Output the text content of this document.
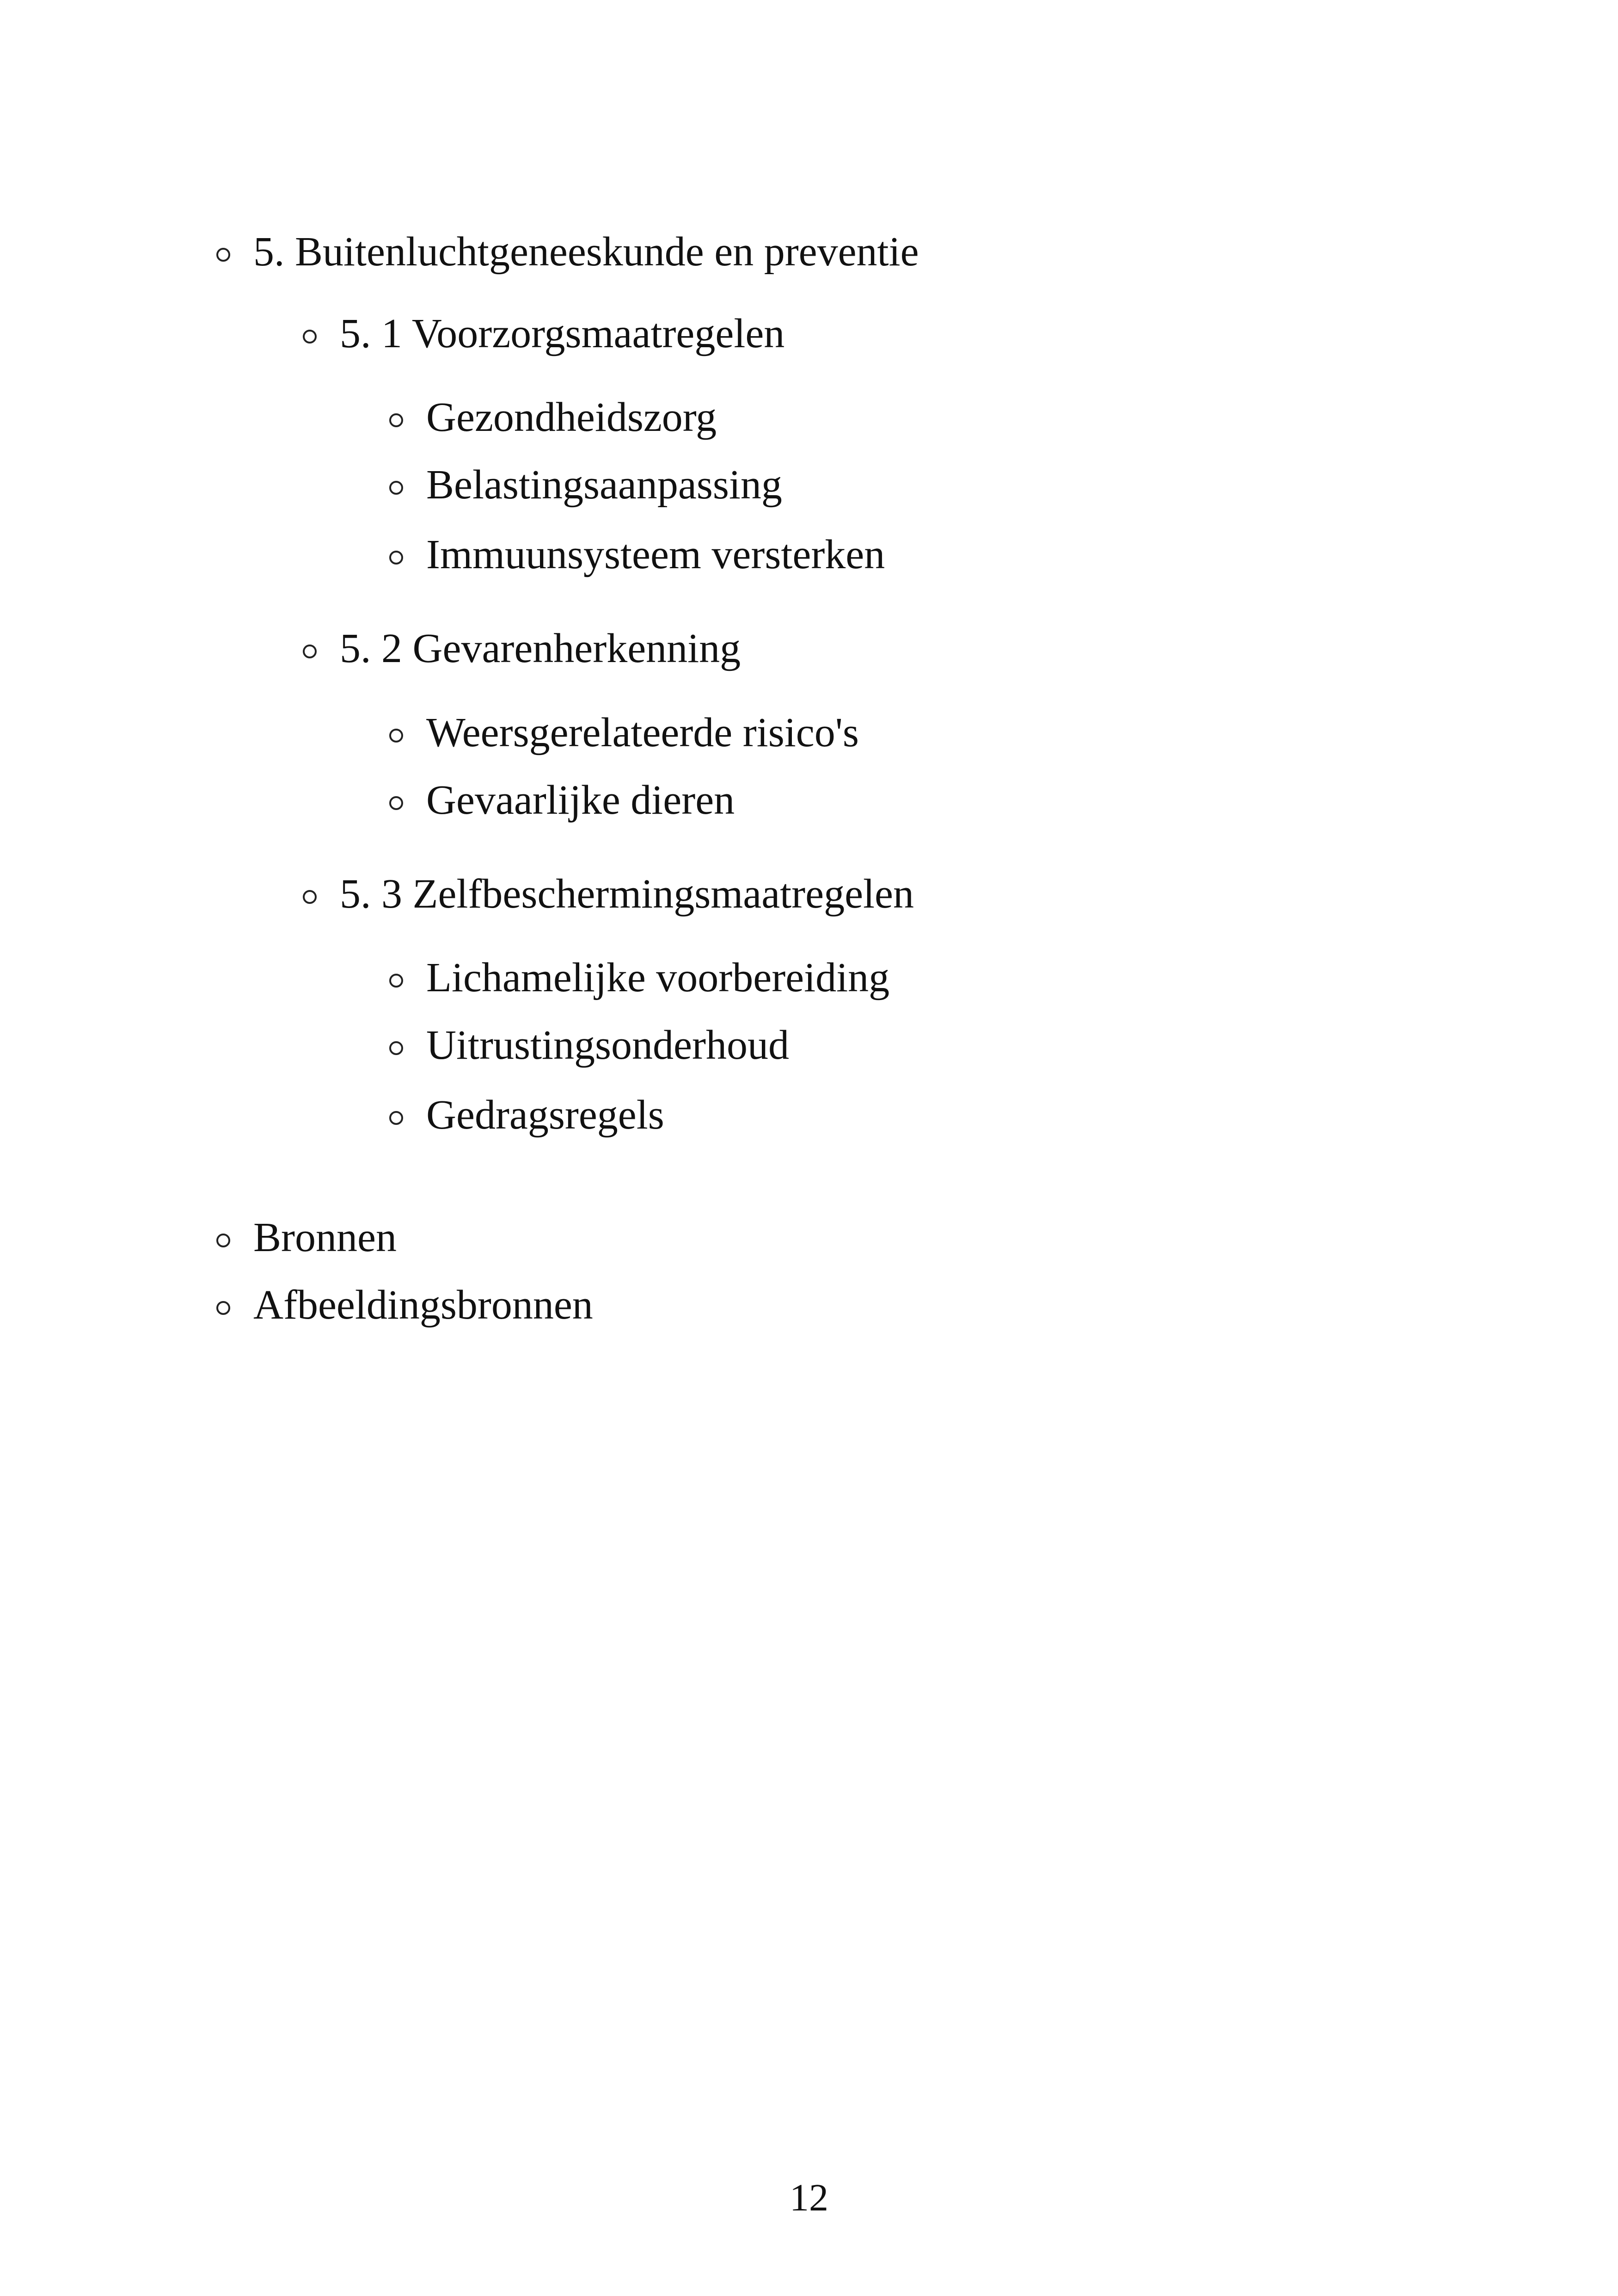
5. Buitenluchtgeneeskunde en preventie
5. 1 Voorzorgsmaatregelen
Gezondheidszorg
Belastingsaanpassing
Immuunsysteem versterken
5. 2 Gevarenherkenning
Weersgerelateerde risico's
Gevaarlijke dieren
5. 3 Zelfbeschermingsmaatregelen
Lichamelijke voorbereiding
Uitrustingsonderhoud
Gedragsregels
Bronnen
Afbeeldingsbronnen
12
